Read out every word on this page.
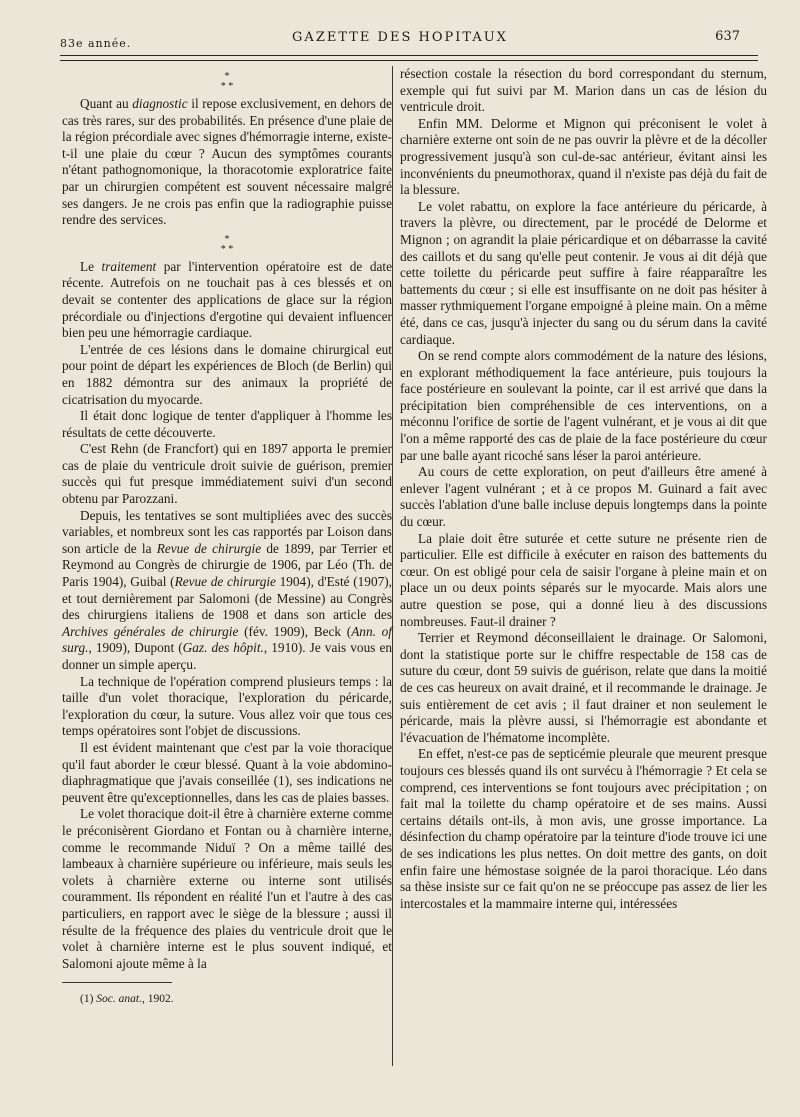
83e année.	GAZETTE DES HOPITAUX	637
*
* *

Quant au diagnostic il repose exclusivement, en dehors de cas très rares, sur des probabilités. En présence d'une plaie de la région précordiale avec signes d'hémorragie interne, existe-t-il une plaie du cœur ? Aucun des symptômes courants n'étant pathognomonique, la thoracotomie exploratrice faite par un chirurgien compétent est souvent nécessaire malgré ses dangers. Je ne crois pas enfin que la radiographie puisse rendre des services.

*
* *

Le traitement par l'intervention opératoire est de date récente. Autrefois on ne touchait pas à ces blessés et on devait se contenter des applications de glace sur la région précordiale ou d'injections d'ergotine qui devaient influencer bien peu une hémorragie cardiaque.

L'entrée de ces lésions dans le domaine chirurgical eut pour point de départ les expériences de Bloch (de Berlin) qui en 1882 démontra sur des animaux la propriété de cicatrisation du myocarde.

Il était donc logique de tenter d'appliquer à l'homme les résultats de cette découverte.

C'est Rehn (de Francfort) qui en 1897 apporta le premier cas de plaie du ventricule droit suivie de guérison, premier succès qui fut presque immédiatement suivi d'un second obtenu par Parozzani.

Depuis, les tentatives se sont multipliées avec des succès variables, et nombreux sont les cas rapportés par Loison dans son article de la Revue de chirurgie de 1899, par Terrier et Reymond au Congrès de chirurgie de 1906, par Léo (Th. de Paris 1904), Guibal (Revue de chirurgie 1904), d'Esté (1907), et tout dernièrement par Salomoni (de Messine) au Congrès des chirurgiens italiens de 1908 et dans son article des Archives générales de chirurgie (fév. 1909), Beck (Ann. of surg., 1909), Dupont (Gaz. des hôpit., 1910). Je vais vous en donner un simple aperçu.

La technique de l'opération comprend plusieurs temps : la taille d'un volet thoracique, l'exploration du péricarde, l'exploration du cœur, la suture. Vous allez voir que tous ces temps opératoires sont l'objet de discussions.

Il est évident maintenant que c'est par la voie thoracique qu'il faut aborder le cœur blessé. Quant à la voie abdomino-diaphragmatique que j'avais conseillée (1), ses indications ne peuvent être qu'exceptionnelles, dans les cas de plaies basses.

Le volet thoracique doit-il être à charnière externe comme le préconisèrent Giordano et Fontan ou à charnière interne, comme le recommande Niduï ? On a même taillé des lambeaux à charnière supérieure ou inférieure, mais seuls les volets à charnière externe ou interne sont utilisés couramment. Ils répondent en réalité l'un et l'autre à des cas particuliers, en rapport avec le siège de la blessure ; aussi il résulte de la fréquence des plaies du ventricule droit que le volet à charnière interne est le plus souvent indiqué, et Salomoni ajoute même à la

(1) Soc. anat., 1902.

résection costale la résection du bord correspondant du sternum, exemple qui fut suivi par M. Marion dans un cas de lésion du ventricule droit.

Enfin MM. Delorme et Mignon qui préconisent le volet à charnière externe ont soin de ne pas ouvrir la plèvre et de la décoller progressivement jusqu'à son cul-de-sac antérieur, évitant ainsi les inconvénients du pneumothorax, quand il n'existe pas déjà du fait de la blessure.

Le volet rabattu, on explore la face antérieure du péricarde, à travers la plèvre, ou directement, par le procédé de Delorme et Mignon ; on agrandit la plaie péricardique et on débarrasse la cavité des caillots et du sang qu'elle peut contenir. Je vous ai dit déjà que cette toilette du péricarde peut suffire à faire réapparaître les battements du cœur ; si elle est insuffisante on ne doit pas hésiter à masser rythmiquement l'organe empoigné à pleine main. On a même été, dans ce cas, jusqu'à injecter du sang ou du sérum dans la cavité cardiaque.

On se rend compte alors commodément de la nature des lésions, en explorant méthodiquement la face antérieure, puis toujours la face postérieure en soulevant la pointe, car il est arrivé que dans la précipitation bien compréhensible de ces interventions, on a méconnu l'orifice de sortie de l'agent vulnérant, et je vous ai dit que l'on a même rapporté des cas de plaie de la face postérieure du cœur par une balle ayant ricoché sans léser la paroi antérieure.

Au cours de cette exploration, on peut d'ailleurs être amené à enlever l'agent vulnérant ; et à ce propos M. Guinard a fait avec succès l'ablation d'une balle incluse depuis longtemps dans la pointe du cœur.

La plaie doit être suturée et cette suture ne présente rien de particulier. Elle est difficile à exécuter en raison des battements du cœur. On est obligé pour cela de saisir l'organe à pleine main et on place un ou deux points séparés sur le myocarde. Mais alors une autre question se pose, qui a donné lieu à des discussions nombreuses. Faut-il drainer ?

Terrier et Reymond déconseillaient le drainage. Or Salomoni, dont la statistique porte sur le chiffre respectable de 158 cas de suture du cœur, dont 59 suivis de guérison, relate que dans la moitié de ces cas heureux on avait drainé, et il recommande le drainage. Je suis entièrement de cet avis ; il faut drainer et non seulement le péricarde, mais la plèvre aussi, si l'hémorragie est abondante et l'évacuation de l'hématome incomplète.

En effet, n'est-ce pas de septicémie pleurale que meurent presque toujours ces blessés quand ils ont survécu à l'hémorragie ? Et cela se comprend, ces interventions se font toujours avec précipitation ; on fait mal la toilette du champ opératoire et de ses mains. Aussi certains détails ont-ils, à mon avis, une grosse importance. La désinfection du champ opératoire par la teinture d'iode trouve ici une de ses indications les plus nettes. On doit mettre des gants, on doit enfin faire une hémostase soignée de la paroi thoracique. Léo dans sa thèse insiste sur ce fait qu'on ne se préoccupe pas assez de lier les intercostales et la mammaire interne qui, intéressées
